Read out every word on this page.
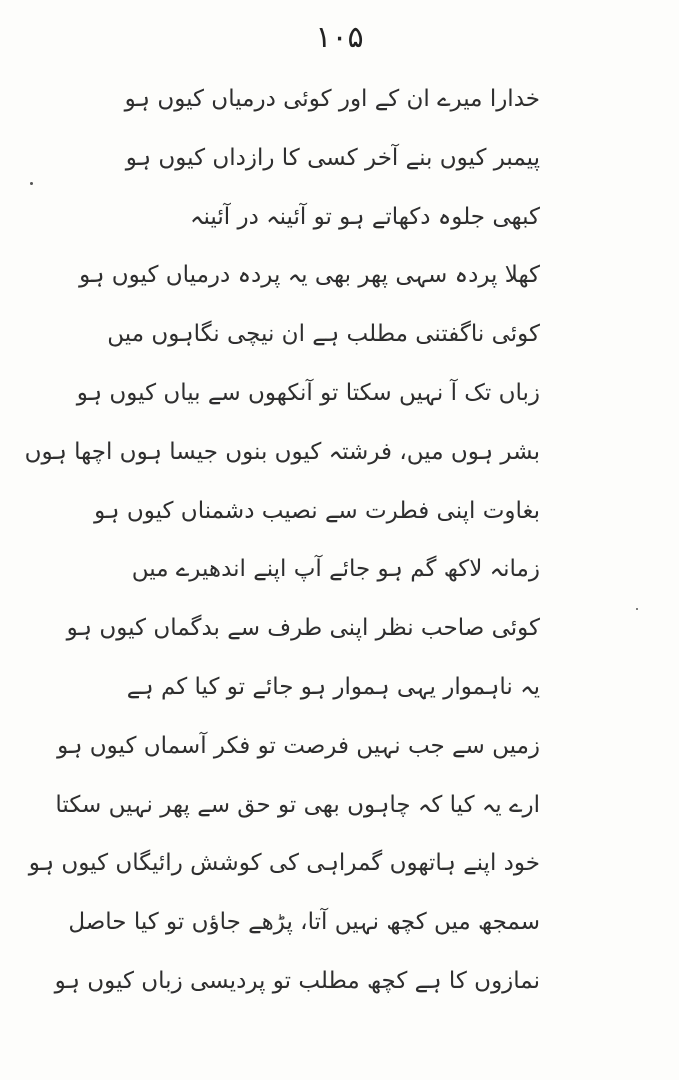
۱۰۵
خدارا میرے ان کے اور کوئی درمیاں کیوں ہو
پیمبر کیوں بنے آخر کسی کا رازداں کیوں ہو
کبھی جلوہ دکھاتے ہو تو آئینہ در آئینہ
کھلا پردہ سہی پھر بھی یہ پردہ درمیاں کیوں ہو
کوئی ناگفتنی مطلب ہے ان نیچی نگاہوں میں
زباں تک آ نہیں سکتا تو آنکھوں سے بیاں کیوں ہو
بشر ہوں میں، فرشتہ کیوں بنوں جیسا ہوں اچھا ہوں
بغاوت اپنی فطرت سے نصیب دشمناں کیوں ہو
زمانہ لاکھ گم ہو جائے آپ اپنے اندھیرے میں
کوئی صاحب نظر اپنی طرف سے بدگماں کیوں ہو
یہ ناہموار یہی ہموار ہو جائے تو کیا کم ہے
زمیں سے جب نہیں فرصت تو فکر آسماں کیوں ہو
ارے یہ کیا کہ چاہوں بھی تو حق سے پھر نہیں سکتا
خود اپنے ہاتھوں گمراہی کی کوشش رائیگاں کیوں ہو
سمجھ میں کچھ نہیں آتا، پڑھے جاؤں تو کیا حاصل
نمازوں کا ہے کچھ مطلب تو پردیسی زباں کیوں ہو
